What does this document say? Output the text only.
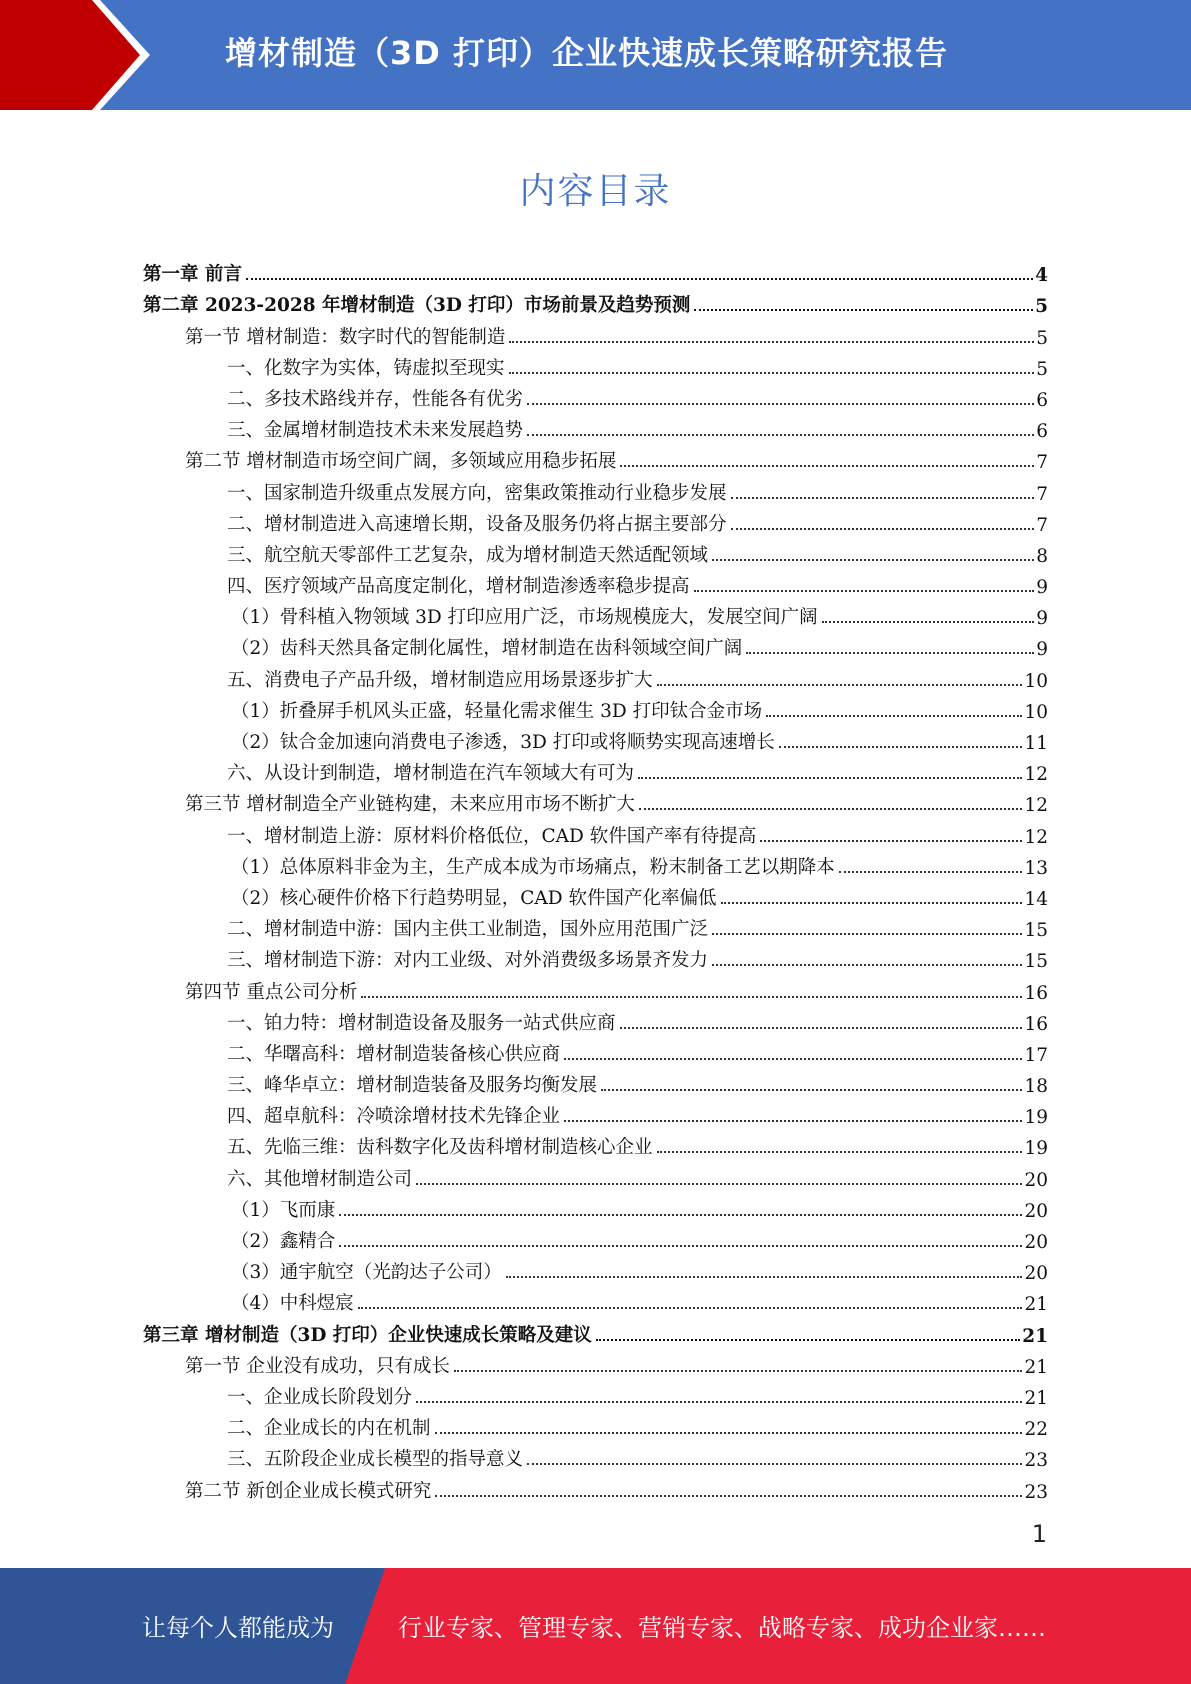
增材制造（3D 打印）企业快速成长策略研究报告
内容目录
第一章 前言	4
第二章 2023-2028 年增材制造（3D 打印）市场前景及趋势预测	5
第一节 增材制造：数字时代的智能制造	5
一、化数字为实体，铸虚拟至现实	5
二、多技术路线并存，性能各有优劣	6
三、金属增材制造技术未来发展趋势	6
第二节 增材制造市场空间广阔，多领域应用稳步拓展	7
一、国家制造升级重点发展方向，密集政策推动行业稳步发展	7
二、增材制造进入高速增长期，设备及服务仍将占据主要部分	7
三、航空航天零部件工艺复杂，成为增材制造天然适配领域	8
四、医疗领域产品高度定制化，增材制造渗透率稳步提高	9
（1）骨科植入物领域 3D 打印应用广泛，市场规模庞大，发展空间广阔	9
（2）齿科天然具备定制化属性，增材制造在齿科领域空间广阔	9
五、消费电子产品升级，增材制造应用场景逐步扩大	10
（1）折叠屏手机风头正盛，轻量化需求催生 3D 打印钛合金市场	10
（2）钛合金加速向消费电子渗透，3D 打印或将顺势实现高速增长	11
六、从设计到制造，增材制造在汽车领域大有可为	12
第三节 增材制造全产业链构建，未来应用市场不断扩大	12
一、增材制造上游：原材料价格低位，CAD 软件国产率有待提高	12
（1）总体原料非金为主，生产成本成为市场痛点，粉末制备工艺以期降本	13
（2）核心硬件价格下行趋势明显，CAD 软件国产化率偏低	14
二、增材制造中游：国内主供工业制造，国外应用范围广泛	15
三、增材制造下游：对内工业级、对外消费级多场景齐发力	15
第四节 重点公司分析	16
一、铂力特：增材制造设备及服务一站式供应商	16
二、华曙高科：增材制造装备核心供应商	17
三、峰华卓立：增材制造装备及服务均衡发展	18
四、超卓航科：冷喷涂增材技术先锋企业	19
五、先临三维：齿科数字化及齿科增材制造核心企业	19
六、其他增材制造公司	20
（1）飞而康	20
（2）鑫精合	20
（3）通宇航空（光韵达子公司）	20
（4）中科煜宸	21
第三章 增材制造（3D 打印）企业快速成长策略及建议	21
第一节 企业没有成功，只有成长	21
一、企业成长阶段划分	21
二、企业成长的内在机制	22
三、五阶段企业成长模型的指导意义	23
第二节 新创企业成长模式研究	23
1
让每个人都能成为	行业专家、管理专家、营销专家、战略专家、成功企业家……
